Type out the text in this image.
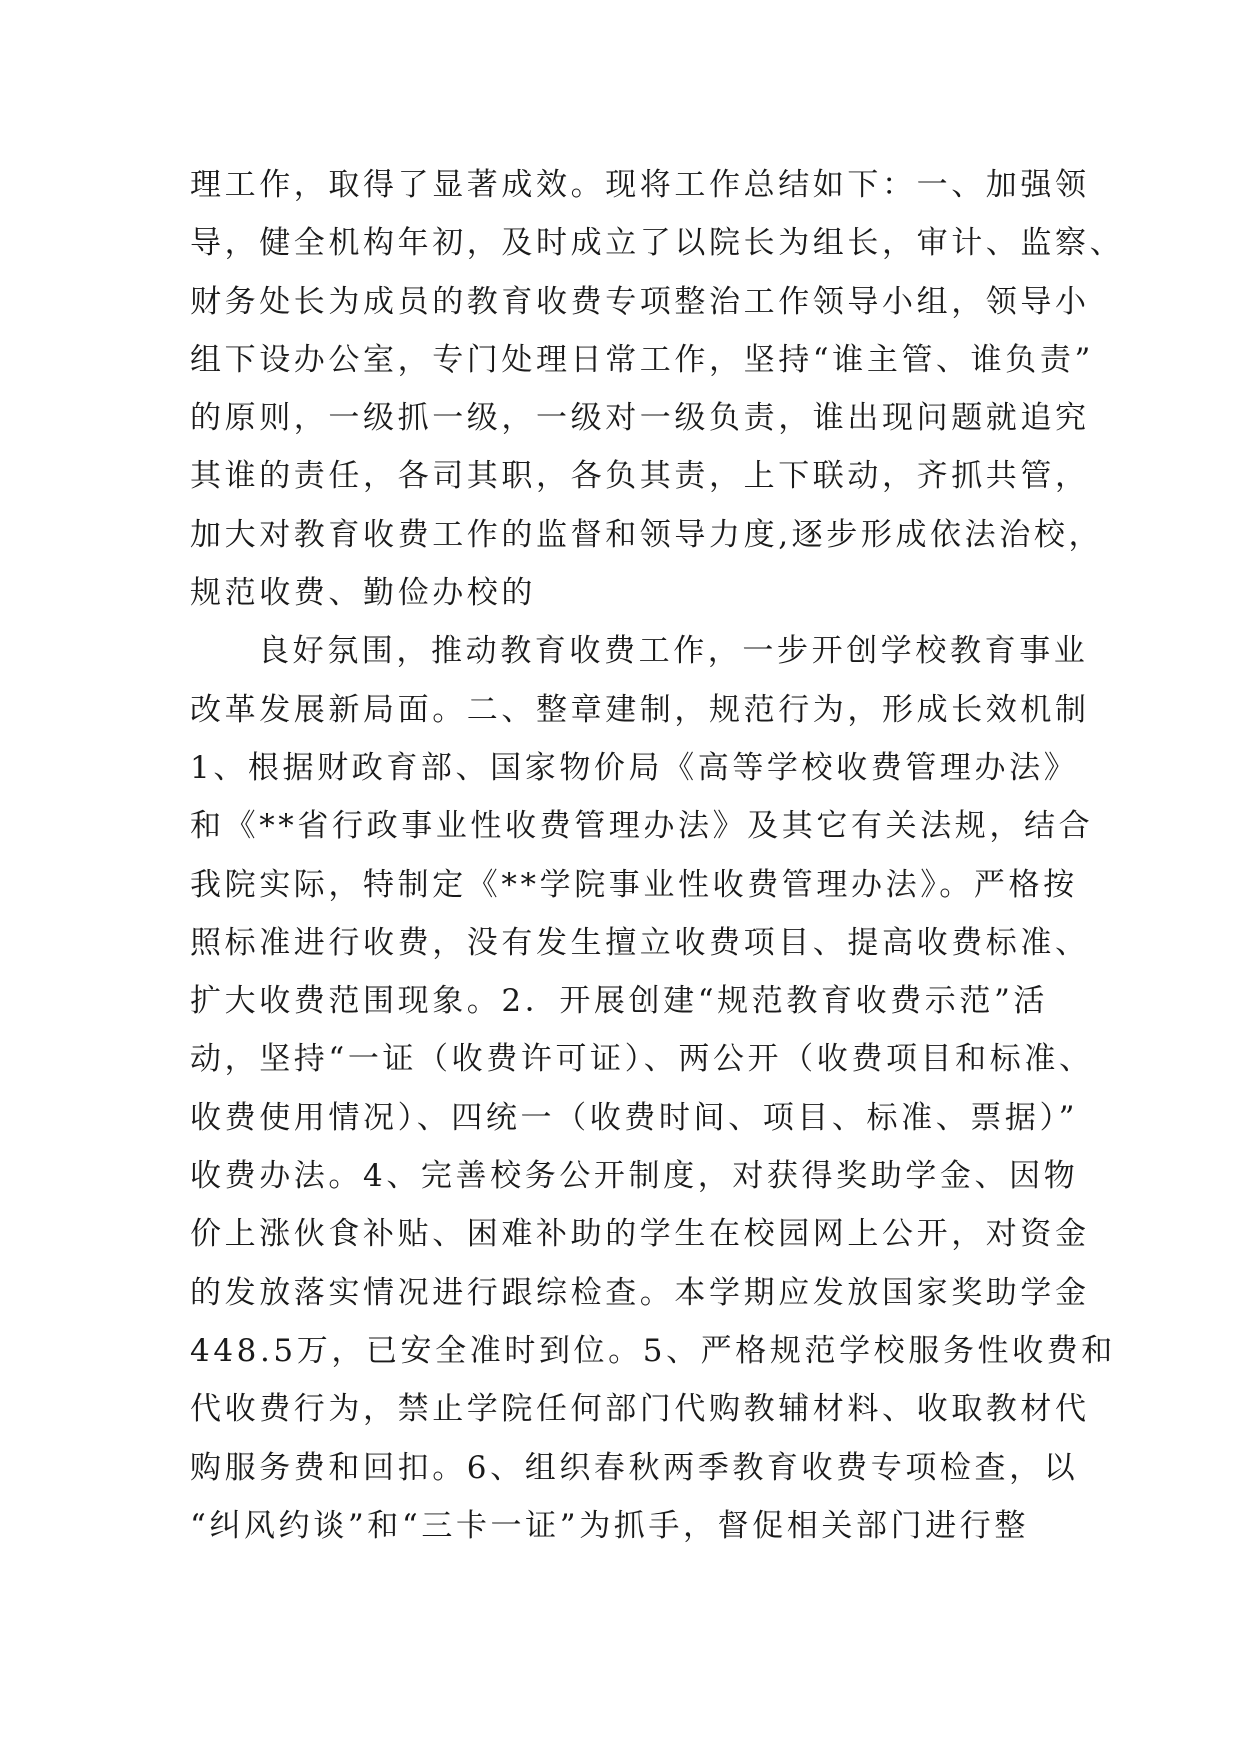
理工作，取得了显著成效。现将工作总结如下：一、加强领
导，健全机构年初，及时成立了以院长为组长，审计、监察、
财务处长为成员的教育收费专项整治工作领导小组，领导小
组下设办公室，专门处理日常工作，坚持“谁主管、谁负责”
的原则，一级抓一级，一级对一级负责，谁出现问题就追究
其谁的责任，各司其职，各负其责，上下联动，齐抓共管，
加大对教育收费工作的监督和领导力度,逐步形成依法治校，
规范收费、勤俭办校的
良好氛围，推动教育收费工作，一步开创学校教育事业
改革发展新局面。二、整章建制，规范行为，形成长效机制
1、根据财政育部、国家物价局《高等学校收费管理办法》
和《**省行政事业性收费管理办法》及其它有关法规，结合
我院实际，特制定《**学院事业性收费管理办法》。严格按
照标准进行收费，没有发生擅立收费项目、提高收费标准、
扩大收费范围现象。2．开展创建“规范教育收费示范”活
动，坚持“一证（收费许可证）、两公开（收费项目和标准、
收费使用情况）、四统一（收费时间、项目、标准、票据）”
收费办法。4、完善校务公开制度，对获得奖助学金、因物
价上涨伙食补贴、困难补助的学生在校园网上公开，对资金
的发放落实情况进行跟综检查。本学期应发放国家奖助学金
448.5万，已安全准时到位。5、严格规范学校服务性收费和
代收费行为，禁止学院任何部门代购教辅材料、收取教材代
购服务费和回扣。6、组织春秋两季教育收费专项检查，以
“纠风约谈”和“三卡一证”为抓手，督促相关部门进行整
